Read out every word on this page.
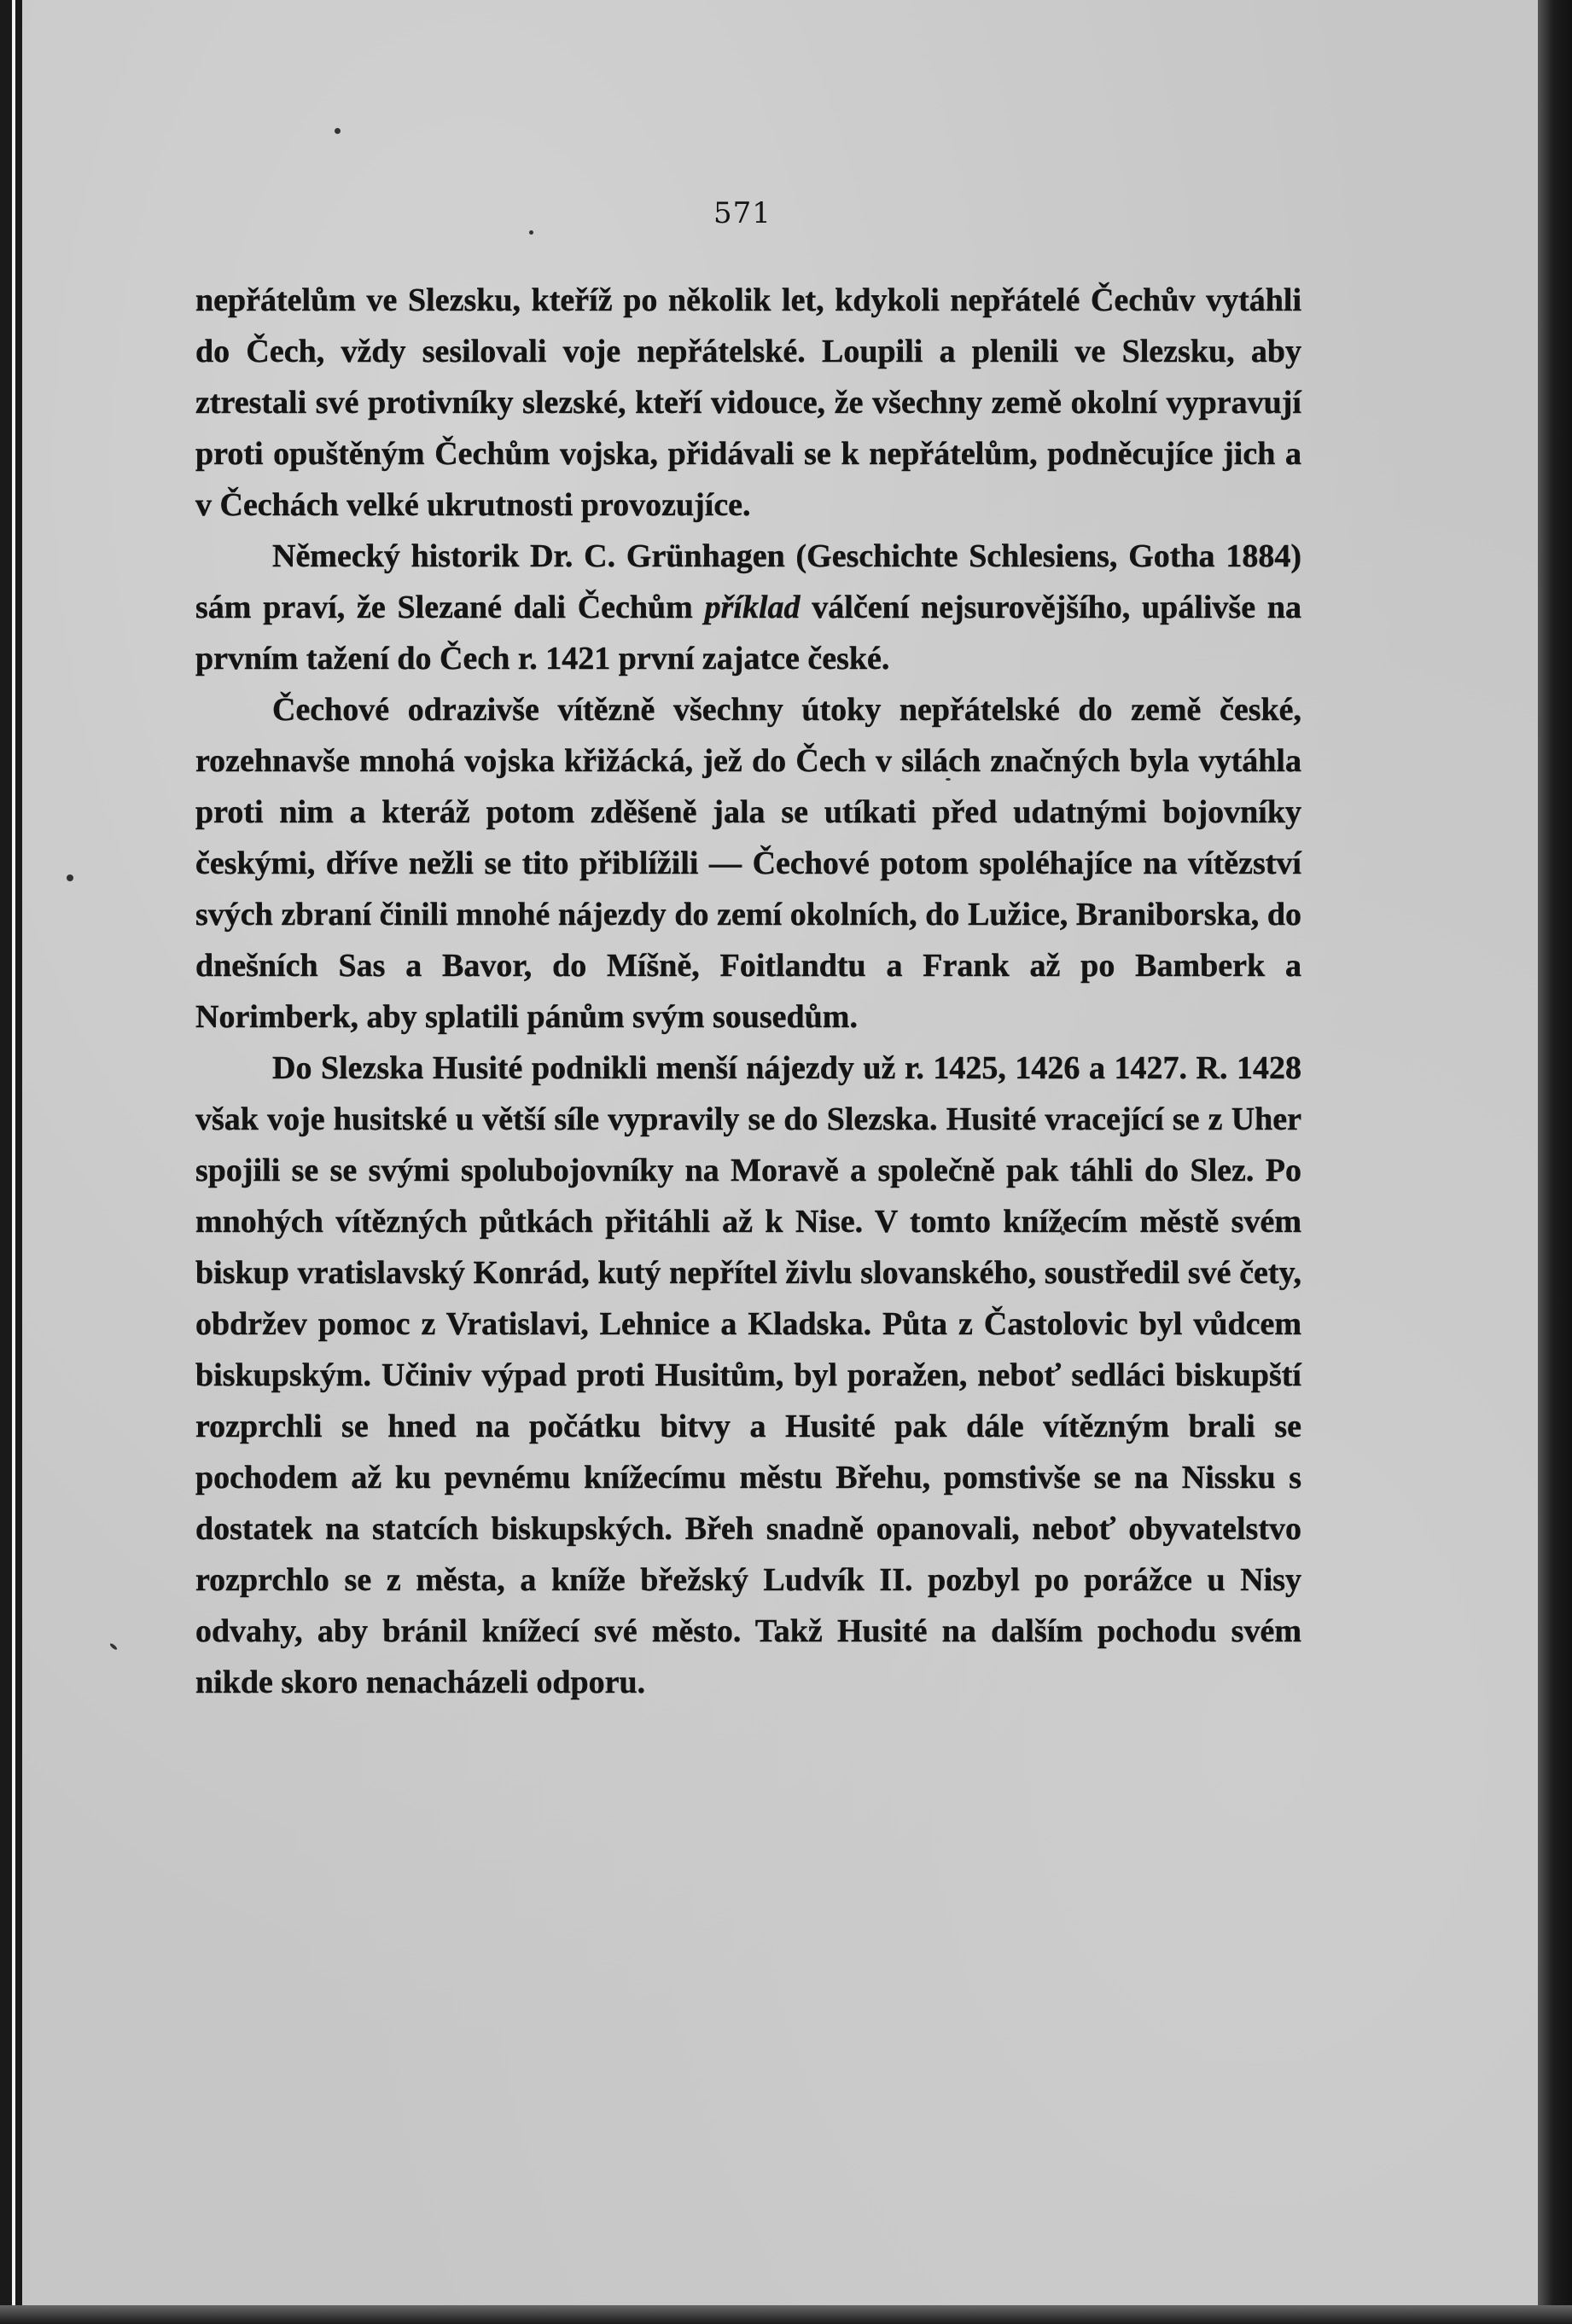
571

nepřátelům ve Slezsku, kteříž po několik let, kdykoli nepřátelé Čechův vytáhli do Čech, vždy sesilovali voje nepřátelské. Loupili a plenili ve Slezsku, aby ztrestali své protivníky slezské, kteří vidouce, že všechny země okolní vypravují proti opuštěným Čechům vojska, přidávali se k nepřátelům, podněcujíce jich a v Čechách velké ukrutnosti provozujíce.

Německý historik Dr. C. Grünhagen (Geschichte Schlesiens, Gotha 1884) sám praví, že Slezané dali Čechům příklad válčení nejsurovějšího, upálivše na prvním tažení do Čech r. 1421 první zajatce české.

Čechové odrazivše vítězně všechny útoky nepřátelské do země české, rozehnavše mnohá vojska křižácká, jež do Čech v silách značných byla vytáhla proti nim a kteráž potom zděšeně jala se utíkati před udatnými bojovníky českými, dříve nežli se tito přiblížili — Čechové potom spoléhajíce na vítězství svých zbraní činili mnohé nájezdy do zemí okolních, do Lužice, Braniborska, do dnešních Sas a Bavor, do Míšně, Foitlandtu a Frank až po Bamberk a Norimberk, aby splatili pánům svým sousedům.

Do Slezska Husité podnikli menší nájezdy už r. 1425, 1426 a 1427. R. 1428 však voje husitské u větší síle vypravily se do Slezska. Husité vracející se z Uher spojili se se svými spolubojovníky na Moravě a společně pak táhli do Slez. Po mnohých vítězných půtkách přitáhli až k Nise. V tomto knížecím městě svém biskup vratislavský Konrád, kutý nepřítel živlu slovanského, soustředil své čety, obdržev pomoc z Vratislavi, Lehnice a Kladska. Půta z Častolovic byl vůdcem biskupským. Učiniv výpad proti Husitům, byl poražen, neboť sedláci biskupští rozprchli se hned na počátku bitvy a Husité pak dále vítězným brali se pochodem až ku pevnému knížecímu městu Břehu, pomstivše se na Nissku s dostatek na statcích biskupských. Břeh snadně opanovali, neboť obyvatelstvo rozprchlo se z města, a kníže břežský Ludvík II. pozbyl po porážce u Nisy odvahy, aby bránil knížecí své město. Takž Husité na dalším pochodu svém nikde skoro nenacházeli odporu.
